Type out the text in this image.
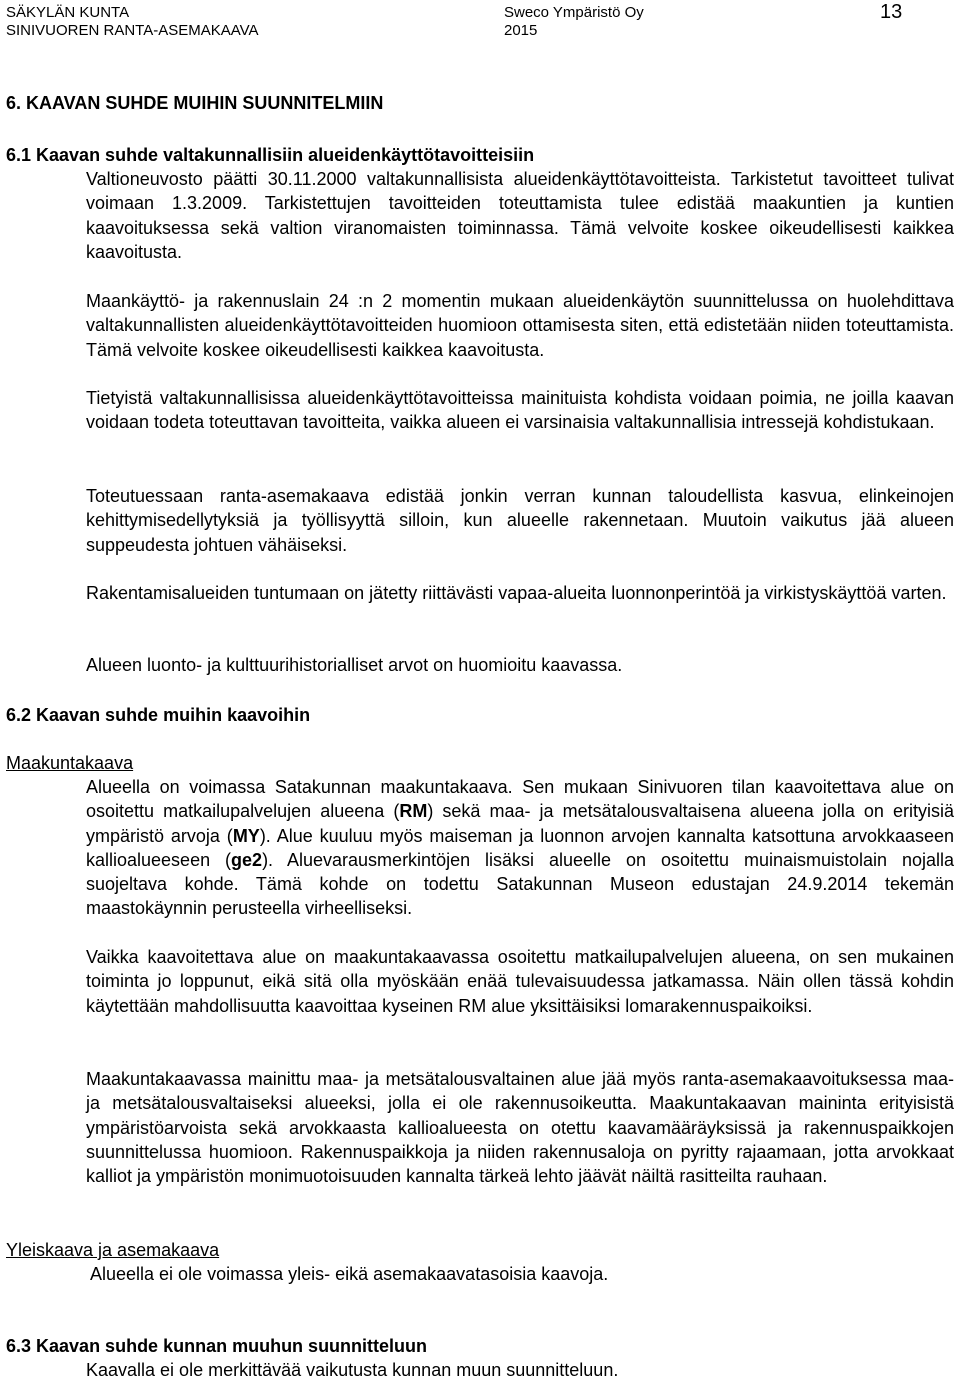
SÄKYLÄN KUNTA
SINIVUOREN RANTA-ASEMAKAAVA
Sweco Ympäristö Oy
2015
13
6. KAAVAN SUHDE MUIHIN SUUNNITELMIIN
6.1 Kaavan suhde valtakunnallisiin alueidenkäyttötavoitteisiin

Valtioneuvosto päätti 30.11.2000 valtakunnallisista alueidenkäyttötavoitteista. Tarkistetut tavoitteet tulivat voimaan 1.3.2009. Tarkistettujen tavoitteiden toteuttamista tulee edistää maakuntien ja kuntien kaavoituksessa sekä valtion viranomaisten toiminnassa. Tämä velvoite koskee oikeudellisesti kaikkea kaavoitusta.

Maankäyttö- ja rakennuslain 24 :n 2 momentin mukaan alueidenkäytön suunnittelussa on huolehdittava valtakunnallisten alueidenkäyttötavoitteiden huomioon ottamisesta siten, että edistetään niiden toteuttamista. Tämä velvoite koskee oikeudellisesti kaikkea kaavoitusta.

Tietyistä valtakunnallisissa alueidenkäyttötavoitteissa mainituista kohdista voidaan poimia, ne joilla kaavan voidaan todeta toteuttavan tavoitteita, vaikka alueen ei varsinaisia valtakunnallisia intressejä kohdistukaan.

Toteutuessaan ranta-asemakaava edistää jonkin verran kunnan taloudellista kasvua, elinkeinojen kehittymisedellytyksiä ja työllisyyttä silloin, kun alueelle rakennetaan. Muutoin vaikutus jää alueen suppeudesta johtuen vähäiseksi.

Rakentamisalueiden tuntumaan on jätetty riittävästi vapaa-alueita luonnonperintöä ja virkistyskäyttöä varten.

Alueen luonto- ja kulttuurihistorialliset arvot on huomioitu kaavassa.

6.2 Kaavan suhde muihin kaavoihin
Maakuntakaava

Alueella on voimassa Satakunnan maakuntakaava. Sen mukaan Sinivuoren tilan kaavoitettava alue on osoitettu matkailupalvelujen alueena (RM) sekä maa- ja metsätalousvaltaisena alueena jolla on erityisiä ympäristö arvoja (MY). Alue kuuluu myös maiseman ja luonnon arvojen kannalta katsottuna arvokkaaseen kallioalueeseen (ge2). Aluevarausmerkintöjen lisäksi alueelle on osoitettu muinaismuistolain nojalla suojeltava kohde. Tämä kohde on todettu Satakunnan Museon edustajan 24.9.2014 tekemän maastokäynnin perusteella virheelliseksi.

Vaikka kaavoitettava alue on maakuntakaavassa osoitettu matkailupalvelujen alueena, on sen mukainen toiminta jo loppunut, eikä sitä olla myöskään enää tulevaisuudessa jatkamassa. Näin ollen tässä kohdin käytettään mahdollisuutta kaavoittaa kyseinen RM alue yksittäisiksi lomarakennuspaikoiksi.

Maakuntakaavassa mainittu maa- ja metsätalousvaltainen alue jää myös ranta-asemakaavoituksessa maa- ja metsätalousvaltaiseksi alueeksi, jolla ei ole rakennusoikeutta. Maakuntakaavan maininta erityisistä ympäristöarvoista sekä arvokkaasta kallioalueesta on otettu kaavamääräyksissä ja rakennuspaikkojen suunnittelussa huomioon. Rakennuspaikkoja ja niiden rakennusaloja on pyritty rajaamaan, jotta arvokkaat kalliot ja ympäristön monimuotoisuuden kannalta tärkeä lehto jäävät näiltä rasitteilta rauhaan.

Yleiskaava ja asemakaava

Alueella ei ole voimassa yleis- eikä asemakaavatasoisia kaavoja.

6.3 Kaavan suhde kunnan muuhun suunnitteluun

Kaavalla ei ole merkittävää vaikutusta kunnan muun suunnitteluun.
